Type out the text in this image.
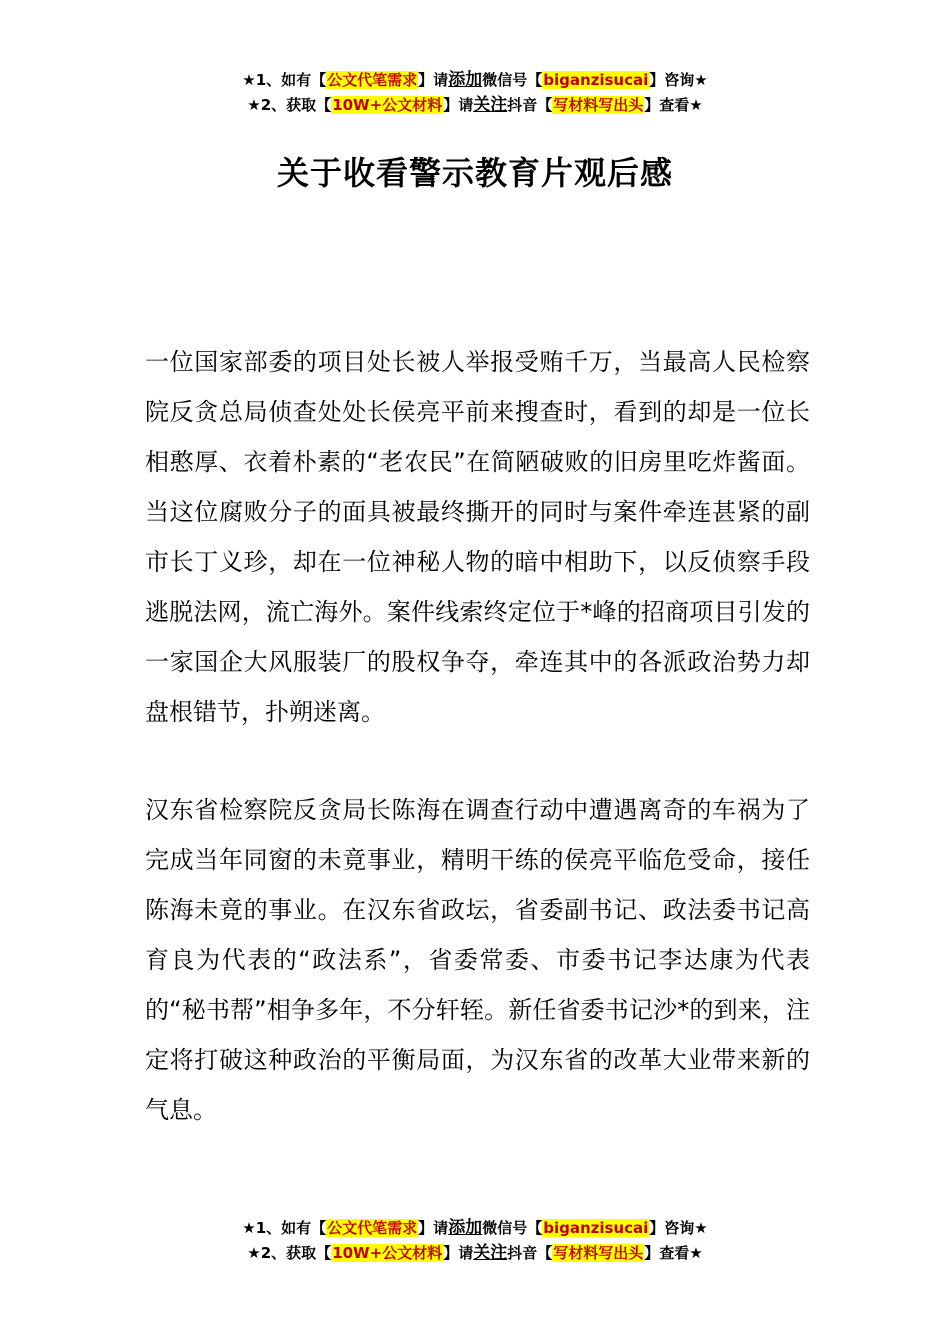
★1、如有【公文代笔需求】请添加微信号【biganzisucai】咨询★
★2、获取【10W+公文材料】请关注抖音【写材料写出头】查看★
关于收看警示教育片观后感
一位国家部委的项目处长被人举报受贿千万，当最高人民检察院反贪总局侦查处处长侯亮平前来搜查时，看到的却是一位长相憨厚、衣着朴素的“老农民”在简陋破败的旧房里吃炸酱面。当这位腐败分子的面具被最终撕开的同时与案件牵连甚紧的副市长丁义珍，却在一位神秘人物的暗中相助下，以反侦察手段逃脱法网，流亡海外。案件线索终定位于*峰的招商项目引发的一家国企大风服装厂的股权争夺，牵连其中的各派政治势力却盘根错节，扑朔迷离。
汉东省检察院反贪局长陈海在调查行动中遭遇离奇的车祸为了完成当年同窗的未竟事业，精明干练的侯亮平临危受命，接任陈海未竟的事业。在汉东省政坛，省委副书记、政法委书记高育良为代表的“政法系”，省委常委、市委书记李达康为代表的“秘书帮”相争多年，不分轩轾。新任省委书记沙*的到来，注定将打破这种政治的平衡局面，为汉东省的改革大业带来新的气息。
★1、如有【公文代笔需求】请添加微信号【biganzisucai】咨询★
★2、获取【10W+公文材料】请关注抖音【写材料写出头】查看★
